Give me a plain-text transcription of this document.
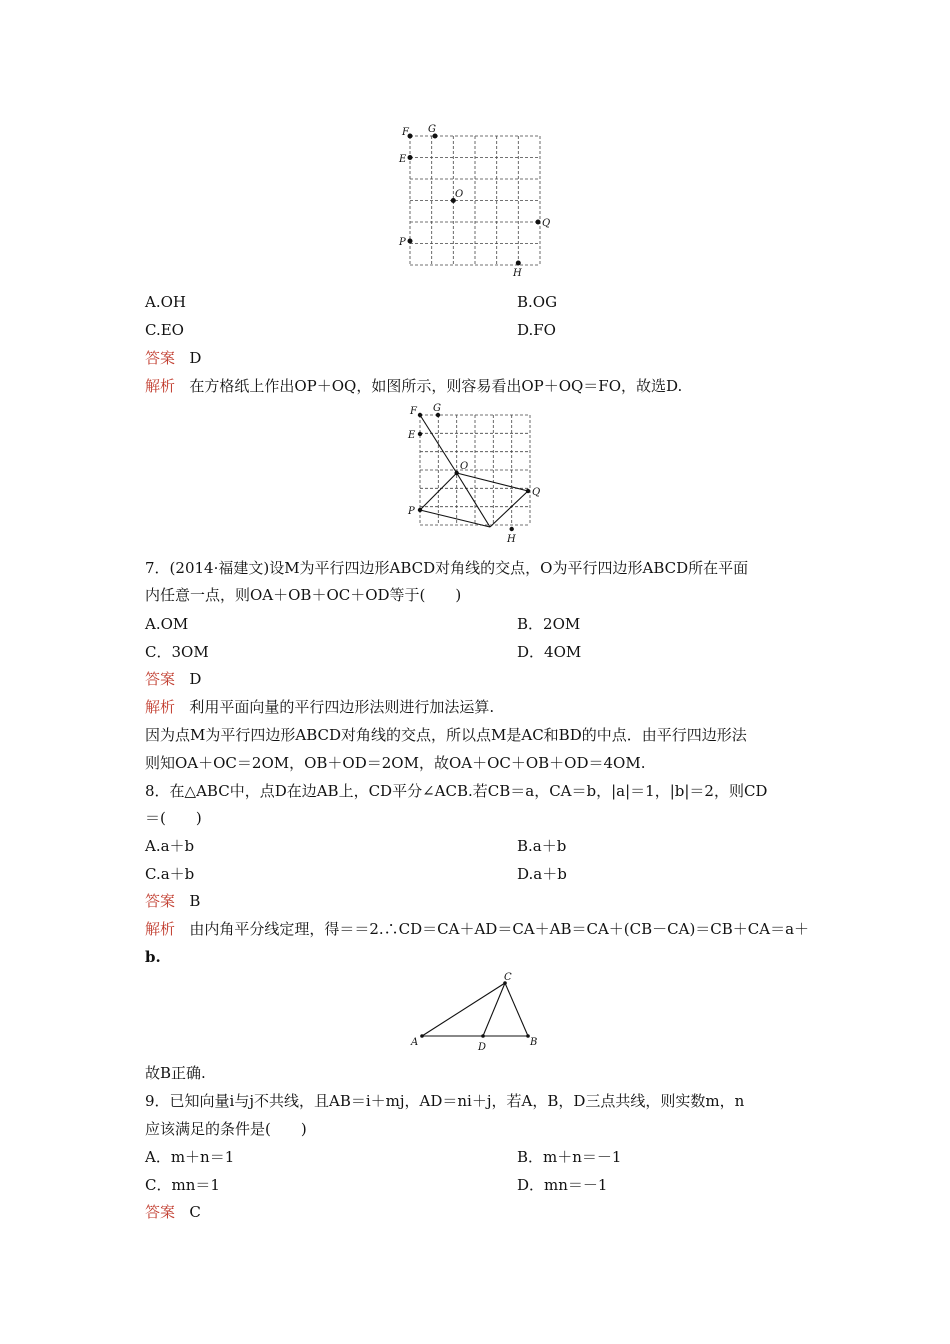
F G
E
O
Q
P
H
A.OH	B.OG
C.EO	D.FO
答案 D
解析 在方格纸上作出OP＋OQ，如图所示，则容易看出OP＋OQ＝FO，故选D.
F G
E
O
Q
P
H
7．(2014·福建文)设M为平行四边形ABCD对角线的交点，O为平行四边形ABCD所在平面
内任意一点，则OA＋OB＋OC＋OD等于(　　)
A.OM	B．2OM
C．3OM	D．4OM
答案 D
解析 利用平面向量的平行四边形法则进行加法运算.
因为点M为平行四边形ABCD对角线的交点，所以点M是AC和BD的中点．由平行四边形法
则知OA＋OC＝2OM，OB＋OD＝2OM，故OA＋OC＋OB＋OD＝4OM.
8．在△ABC中，点D在边AB上，CD平分∠ACB.若CB＝a，CA＝b，|a|＝1，|b|＝2，则CD
＝(　　)
A.a＋b	B.a＋b
C.a＋b	D.a＋b
答案 B
解析 由内角平分线定理，得＝＝2.∴CD＝CA＋AD＝CA＋AB＝CA＋(CB－CA)＝CB＋CA＝a＋
b.
A	B
C
D
故B正确.
9．已知向量i与j不共线，且AB＝i＋mj，AD＝ni＋j，若A，B，D三点共线，则实数m，n
应该满足的条件是(　　)
A．m＋n＝1	B．m＋n＝－1
C．mn＝1	D．mn＝－1
答案 C
